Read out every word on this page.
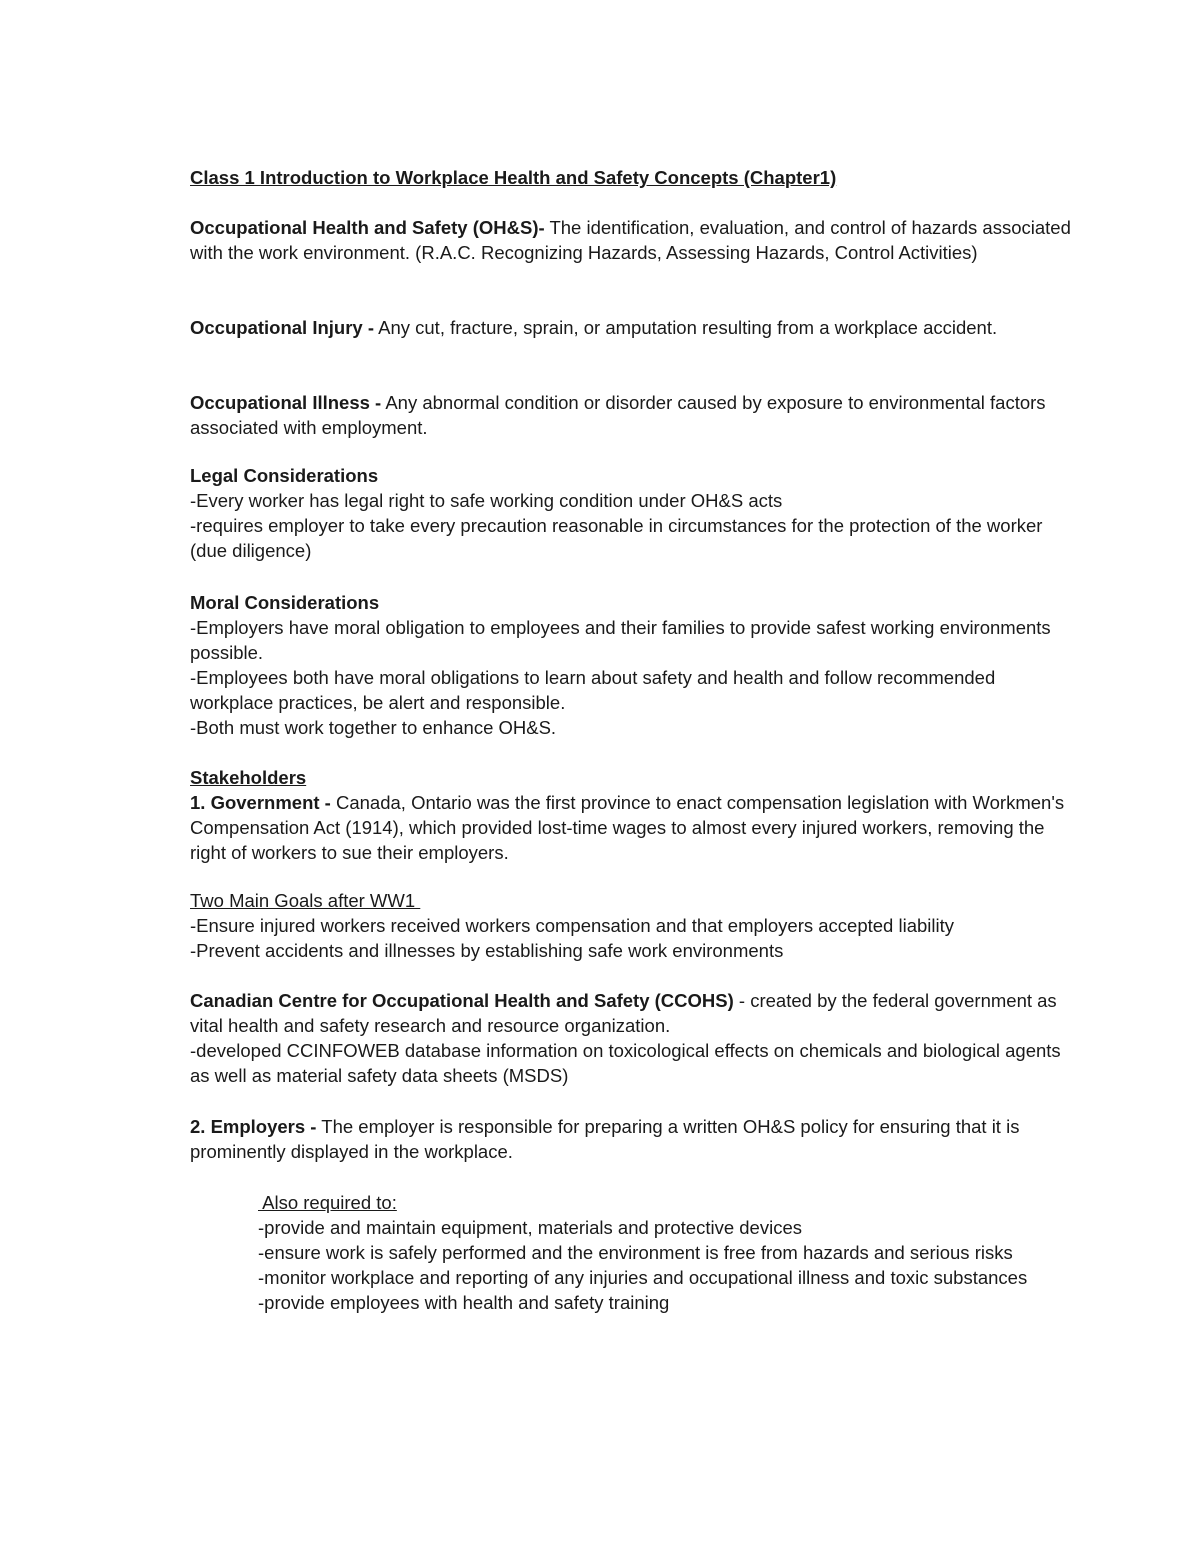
Class 1 Introduction to Workplace Health and Safety Concepts (Chapter1)

Occupational Health and Safety (OH&S)- The identification, evaluation, and control of hazards associated with the work environment. (R.A.C. Recognizing Hazards, Assessing Hazards, Control Activities)

Occupational Injury - Any cut, fracture, sprain, or amputation resulting from a workplace accident.

Occupational Illness - Any abnormal condition or disorder caused by exposure to environmental factors associated with employment.

Legal Considerations
-Every worker has legal right to safe working condition under OH&S acts
-requires employer to take every precaution reasonable in circumstances for the protection of the worker (due diligence)
Moral Considerations
-Employers have moral obligation to employees and their families to provide safest working environments possible.
-Employees both have moral obligations to learn about safety and health and follow recommended workplace practices, be alert and responsible.
-Both must work together to enhance OH&S.
Stakeholders
1. Government - Canada, Ontario was the first province to enact compensation legislation with Workmen's Compensation Act (1914), which provided lost-time wages to almost every injured workers, removing the right of workers to sue their employers.
Two Main Goals after WW1
-Ensure injured workers received workers compensation and that employers accepted liability
-Prevent accidents and illnesses by establishing safe work environments
Canadian Centre for Occupational Health and Safety (CCOHS) - created by the federal government as vital health and safety research and resource organization.
-developed CCINFOWEB database information on toxicological effects on chemicals and biological agents as well as material safety data sheets (MSDS)

2. Employers - The employer is responsible for preparing a written OH&S policy for ensuring that it is prominently displayed in the workplace.

Also required to:
-provide and maintain equipment, materials and protective devices
-ensure work is safely performed and the environment is free from hazards and serious risks
-monitor workplace and reporting of any injuries and occupational illness and toxic substances
-provide employees with health and safety training
